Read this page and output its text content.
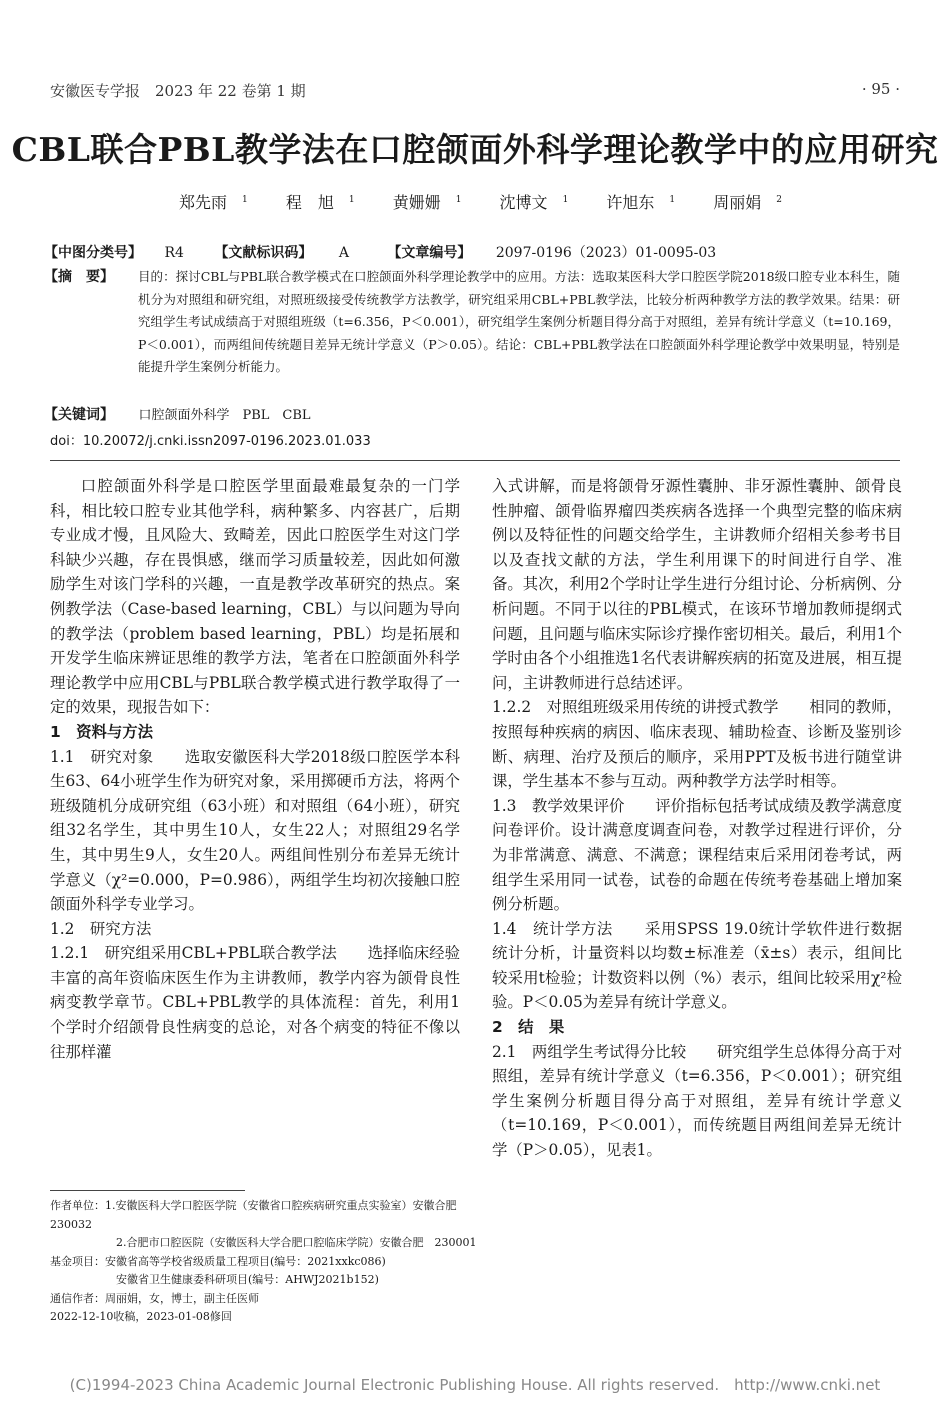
安徽医专学报　2023 年 22 卷第 1 期	· 95 ·
CBL联合PBL教学法在口腔颌面外科学理论教学中的应用研究
郑先雨 $^1$ 程　旭 $^1$ 黄姗姗 $^1$ 沈博文 $^1$ 许旭东 $^1$ 周丽娟 $^2$
【中图分类号】 R4 【文献标识码】 A	【文章编号】 2097-0196（2023）01-0095-03
【摘　要】 目的：探讨CBL与PBL联合教学模式在口腔颌面外科学理论教学中的应用。方法：选取某医科大学口腔医学院2018级口腔专业本科生，随机分为对照组和研究组，对照班级接受传统教学方法教学，研究组采用CBL+PBL教学法，比较分析两种教学方法的教学效果。结果：研究组学生考试成绩高于对照组班级（t=6.356，P＜0.001），研究组学生案例分析题目得分高于对照组，差异有统计学意义（t=10.169，P＜0.001），而两组间传统题目差异无统计学意义（P＞0.05）。结论：CBL+PBL教学法在口腔颌面外科学理论教学中效果明显，特别是能提升学生案例分析能力。
【关键词】 口腔颌面外科学　PBL　CBL
doi：10.20072/j.cnki.issn2097-0196.2023.01.033

口腔颌面外科学是口腔医学里面最难最复杂的一门学科，相比较口腔专业其他学科，病种繁多、内容甚广，后期专业成才慢，且风险大、致畸差，因此口腔医学生对这门学科缺少兴趣，存在畏惧感，继而学习质量较差，因此如何激励学生对该门学科的兴趣，一直是教学改革研究的热点。案例教学法（Case-based learning，CBL）与以问题为导向的教学法（problem based learning，PBL）均是拓展和开发学生临床辨证思维的教学方法，笔者在口腔颌面外科学理论教学中应用CBL与PBL联合教学模式进行教学取得了一定的效果，现报告如下：

1　资料与方法

1.1　研究对象　　 选取安徽医科大学2018级口腔医学本科生63、64小班学生作为研究对象，采用掷硬币方法，将两个班级随机分成研究组（63小班）和对照组（64小班），研究组32名学生，其中男生10人，女生22人；对照组29名学生，其中男生9人，女生20人。两组间性别分布差异无统计学意义（χ²=0.000，P=0.986），两组学生均初次接触口腔颌面外科学专业学习。

1.2　研究方法

1.2.1　研究组采用CBL+PBL联合教学法　　 选择临床经验丰富的高年资临床医生作为主讲教师，教学内容为颌骨良性病变教学章节。CBL+PBL教学的具体流程：首先，利用1个学时介绍颌骨良性病变的总论，对各个病变的特征不像以往那样灌

入式讲解，而是将颌骨牙源性囊肿、非牙源性囊肿、颌骨良性肿瘤、颌骨临界瘤四类疾病各选择一个典型完整的临床病例以及特征性的问题交给学生，主讲教师介绍相关参考书目以及查找文献的方法，学生利用课下的时间进行自学、准备。其次，利用2个学时让学生进行分组讨论、分析病例、分析问题。不同于以往的PBL模式，在该环节增加教师提纲式问题，且问题与临床实际诊疗操作密切相关。最后，利用1个学时由各个小组推选1名代表讲解疾病的拓宽及进展，相互提问，主讲教师进行总结述评。

1.2.2　对照组班级采用传统的讲授式教学　　 相同的教师，按照每种疾病的病因、临床表现、辅助检查、诊断及鉴别诊断、病理、治疗及预后的顺序，采用PPT及板书进行随堂讲课，学生基本不参与互动。两种教学方法学时相等。

1.3　教学效果评价　　 评价指标包括考试成绩及教学满意度问卷评价。设计满意度调查问卷，对教学过程进行评价，分为非常满意、满意、不满意；课程结束后采用闭卷考试，两组学生采用同一试卷，试卷的命题在传统考卷基础上增加案例分析题。

1.4　统计学方法　　 采用SPSS 19.0统计学软件进行数据统计分析，计量资料以均数±标准差（x̄±s）表示，组间比较采用t检验；计数资料以例（%）表示，组间比较采用χ²检验。P＜0.05为差异有统计学意义。

2　结　果

2.1　两组学生考试得分比较　　 研究组学生总体得分高于对照组，差异有统计学意义（t=6.356，P＜0.001）；研究组学生案例分析题目得分高于对照组，差异有统计学意义（t=10.169，P＜0.001），而传统题目两组间差异无统计学（P＞0.05），见表1。

作者单位：1.安徽医科大学口腔医学院（安徽省口腔疾病研究重点实验室）安徽合肥　230032
2.合肥市口腔医院（安徽医科大学合肥口腔临床学院）安徽合肥　230001
基金项目：安徽省高等学校省级质量工程项目(编号：2021xxkc086)
安徽省卫生健康委科研项目(编号：AHWJ2021b152)
通信作者：周丽娟，女，博士，副主任医师
2022-12-10收稿，2023-01-08修回
(C)1994-2023 China Academic Journal Electronic Publishing House. All rights reserved.　http://www.cnki.net
